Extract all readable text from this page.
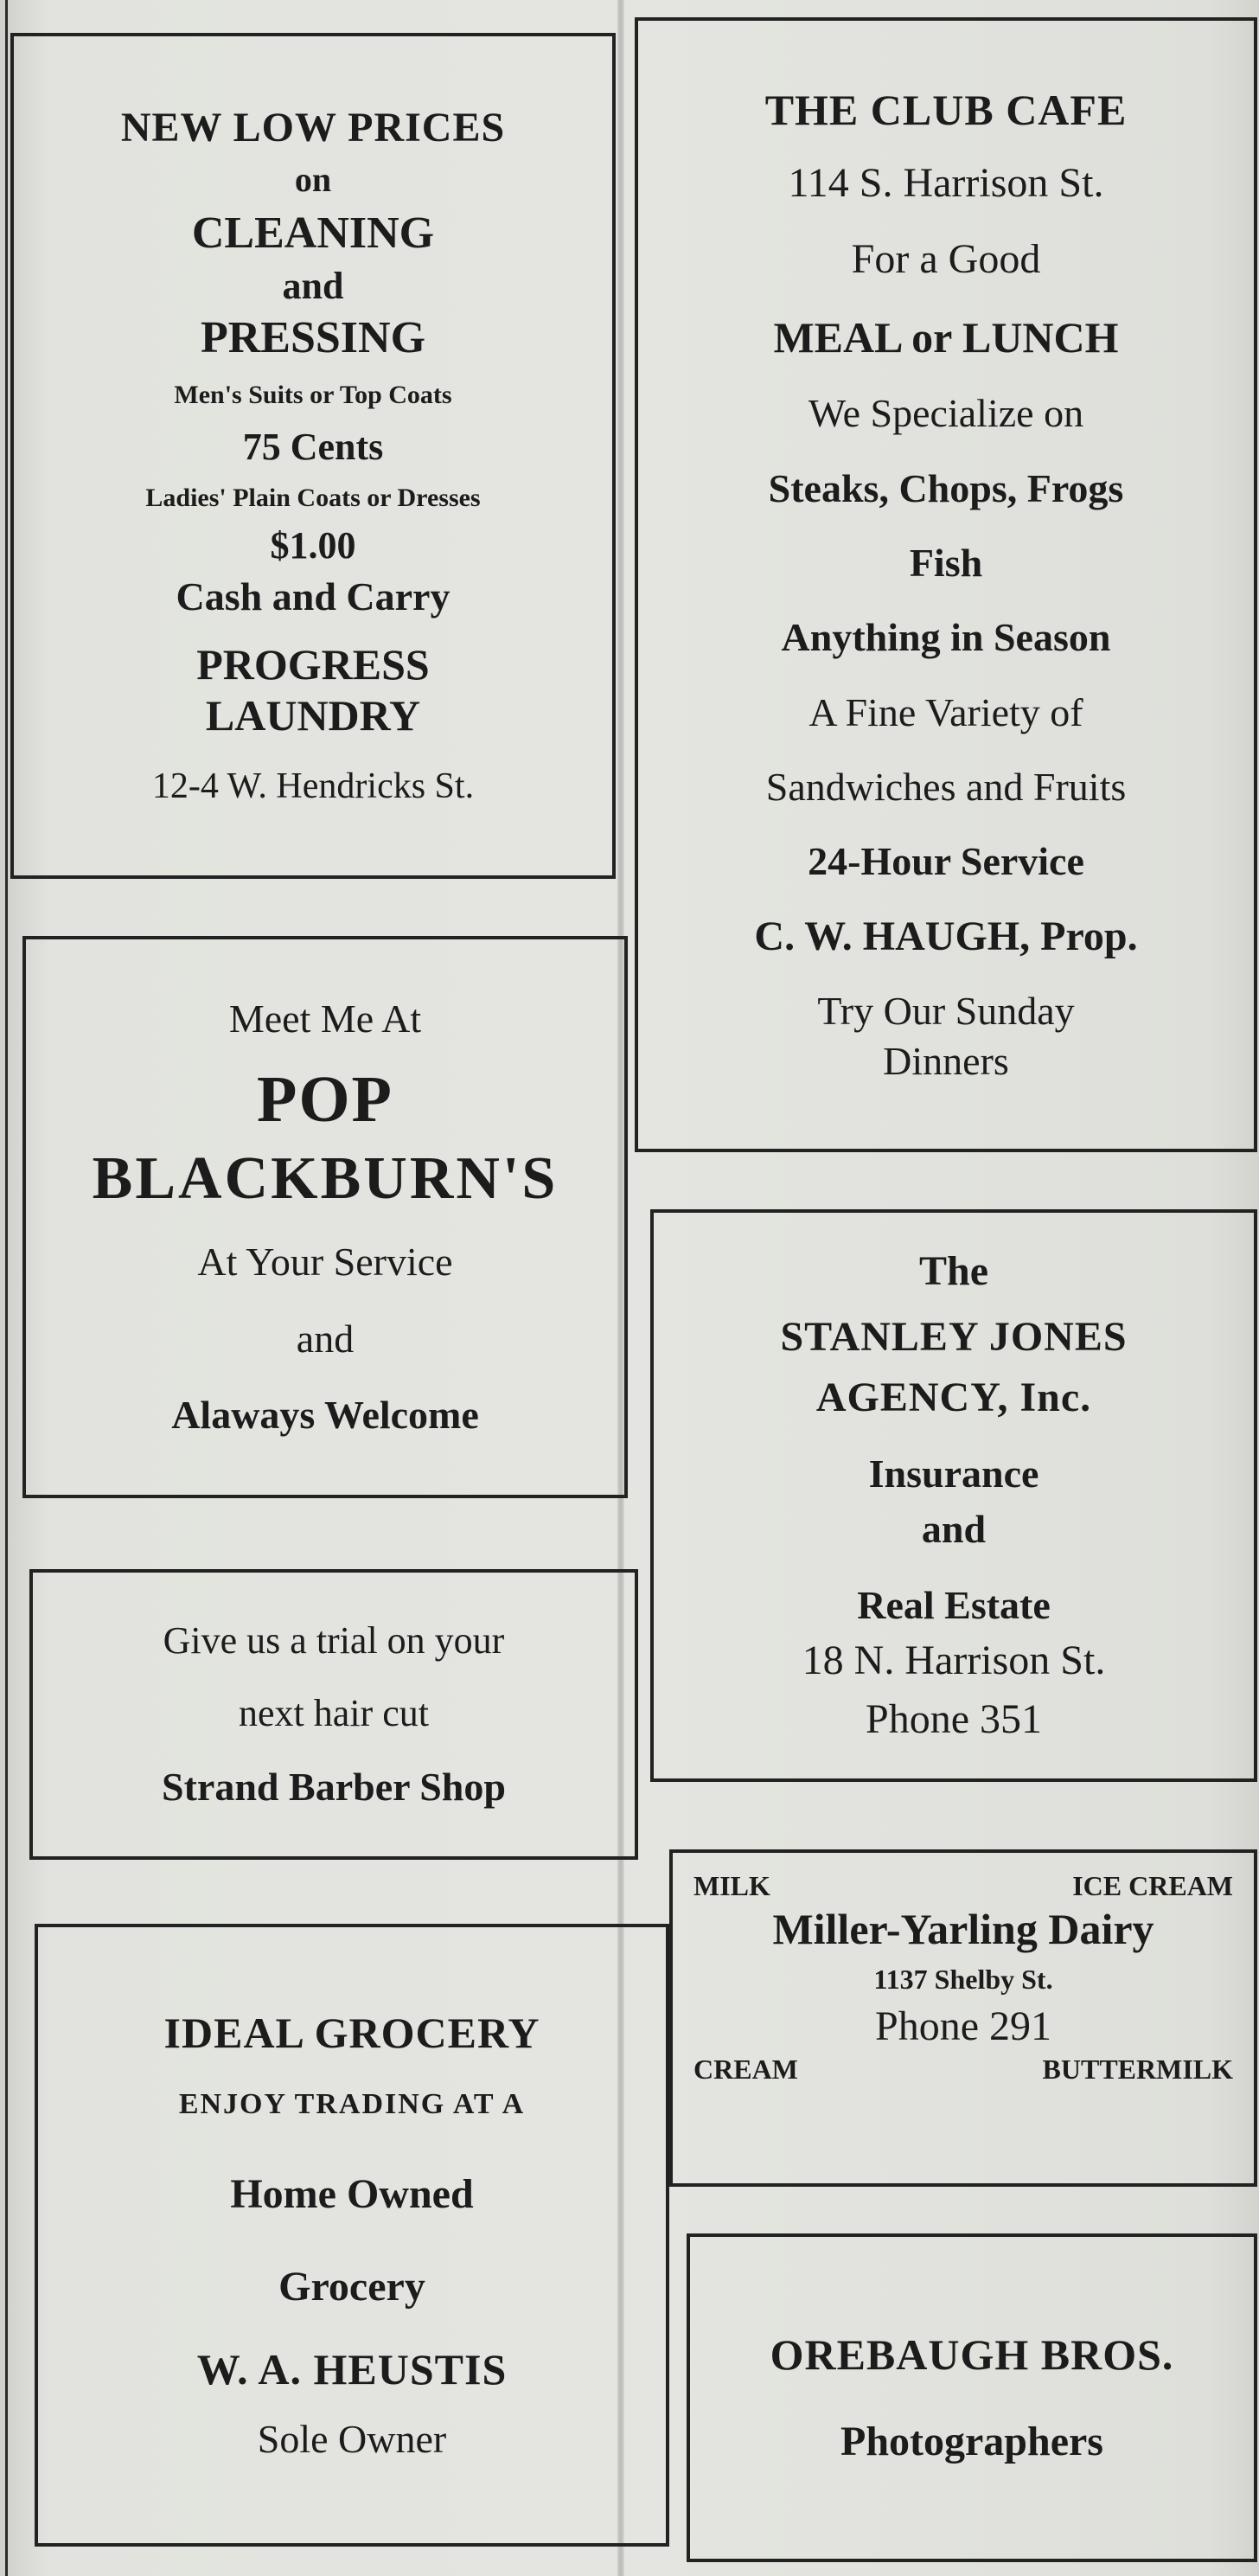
NEW LOW PRICES

on

CLEANING

and

PRESSING

Men's Suits or Top Coats

75 Cents

Ladies' Plain Coats or Dresses

$1.00

Cash and Carry

PROGRESS

LAUNDRY

12-4 W. Hendricks St.

THE CLUB CAFE

114 S. Harrison St.

For a Good

MEAL or LUNCH

We Specialize on

Steaks, Chops, Frogs

Fish

Anything in Season

A Fine Variety of

Sandwiches and Fruits

24-Hour Service

C. W. HAUGH, Prop.

Try Our Sunday

Dinners

Meet Me At

POP

BLACKBURN'S

At Your Service

and

Alaways Welcome

The

STANLEY JONES

AGENCY, Inc.

Insurance

and

Real Estate

18 N. Harrison St.

Phone 351

Give us a trial on your

next hair cut

Strand Barber Shop

MILK	ICE CREAM

Miller-Yarling Dairy

1137 Shelby St.

Phone 291

CREAM	BUTTERMILK

IDEAL GROCERY

ENJOY TRADING AT A

Home Owned

Grocery

W. A. HEUSTIS

Sole Owner

OREBAUGH BROS.

Photographers
